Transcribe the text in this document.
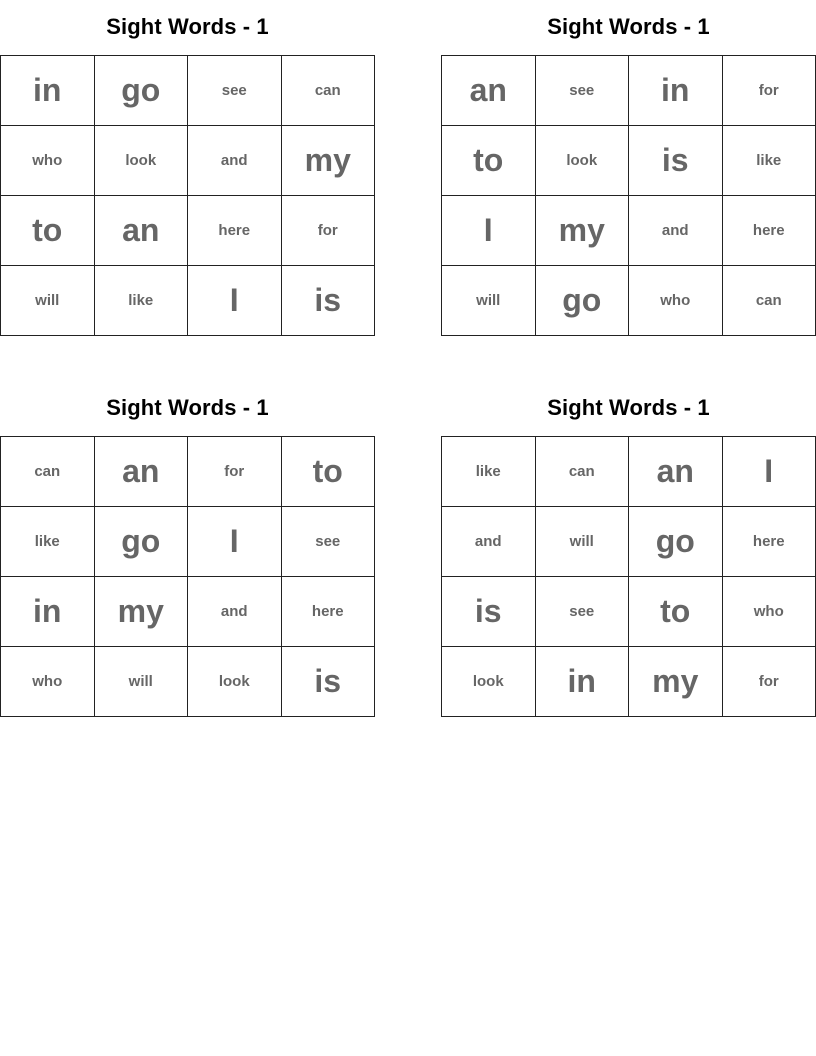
Sight Words - 1
in	go	see	can
who	look	and	my
to	an	here	for
will	like	I	is
Sight Words - 1
an	see	in	for
to	look	is	like
I	my	and	here
will	go	who	can
Sight Words - 1
can	an	for	to
like	go	I	see
in	my	and	here
who	will	look	is
Sight Words - 1
like	can	an	I
and	will	go	here
is	see	to	who
look	in	my	for
